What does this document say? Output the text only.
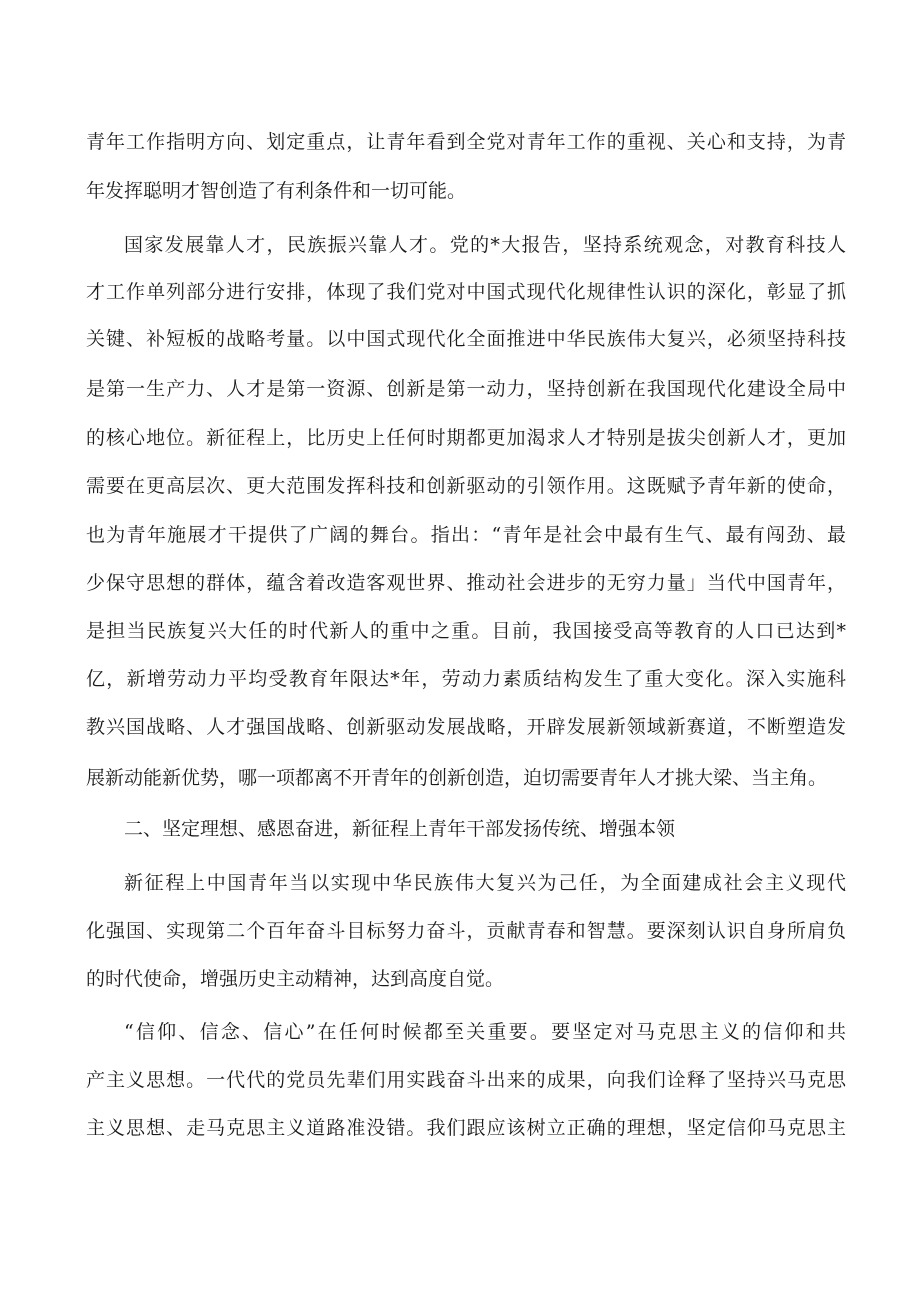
青年工作指明方向、划定重点，让青年看到全党对青年工作的重视、关心和支持，为青
年发挥聪明才智创造了有利条件和一切可能。
国家发展靠人才，民族振兴靠人才。党的*大报告，坚持系统观念，对教育科技人
才工作单列部分进行安排，体现了我们党对中国式现代化规律性认识的深化，彰显了抓
关键、补短板的战略考量。以中国式现代化全面推进中华民族伟大复兴，必须坚持科技
是第一生产力、人才是第一资源、创新是第一动力，坚持创新在我国现代化建设全局中
的核心地位。新征程上，比历史上任何时期都更加渴求人才特别是拔尖创新人才，更加
需要在更高层次、更大范围发挥科技和创新驱动的引领作用。这既赋予青年新的使命，
也为青年施展才干提供了广阔的舞台。指出：“青年是社会中最有生气、最有闯劲、最
少保守思想的群体，蕴含着改造客观世界、推动社会进步的无穷力量」当代中国青年，
是担当民族复兴大任的时代新人的重中之重。目前，我国接受高等教育的人口已达到*
亿，新增劳动力平均受教育年限达*年，劳动力素质结构发生了重大变化。深入实施科
教兴国战略、人才强国战略、创新驱动发展战略，开辟发展新领域新赛道，不断塑造发
展新动能新优势，哪一项都离不开青年的创新创造，迫切需要青年人才挑大梁、当主角。
二、坚定理想、感恩奋进，新征程上青年干部发扬传统、增强本领
新征程上中国青年当以实现中华民族伟大复兴为己任，为全面建成社会主义现代
化强国、实现第二个百年奋斗目标努力奋斗，贡献青春和智慧。要深刻认识自身所肩负
的时代使命，增强历史主动精神，达到高度自觉。
“信仰、信念、信心”在任何时候都至关重要。要坚定对马克思主义的信仰和共
产主义思想。一代代的党员先辈们用实践奋斗出来的成果，向我们诠释了坚持兴马克思
主义思想、走马克思主义道路准没错。我们跟应该树立正确的理想，坚定信仰马克思主
